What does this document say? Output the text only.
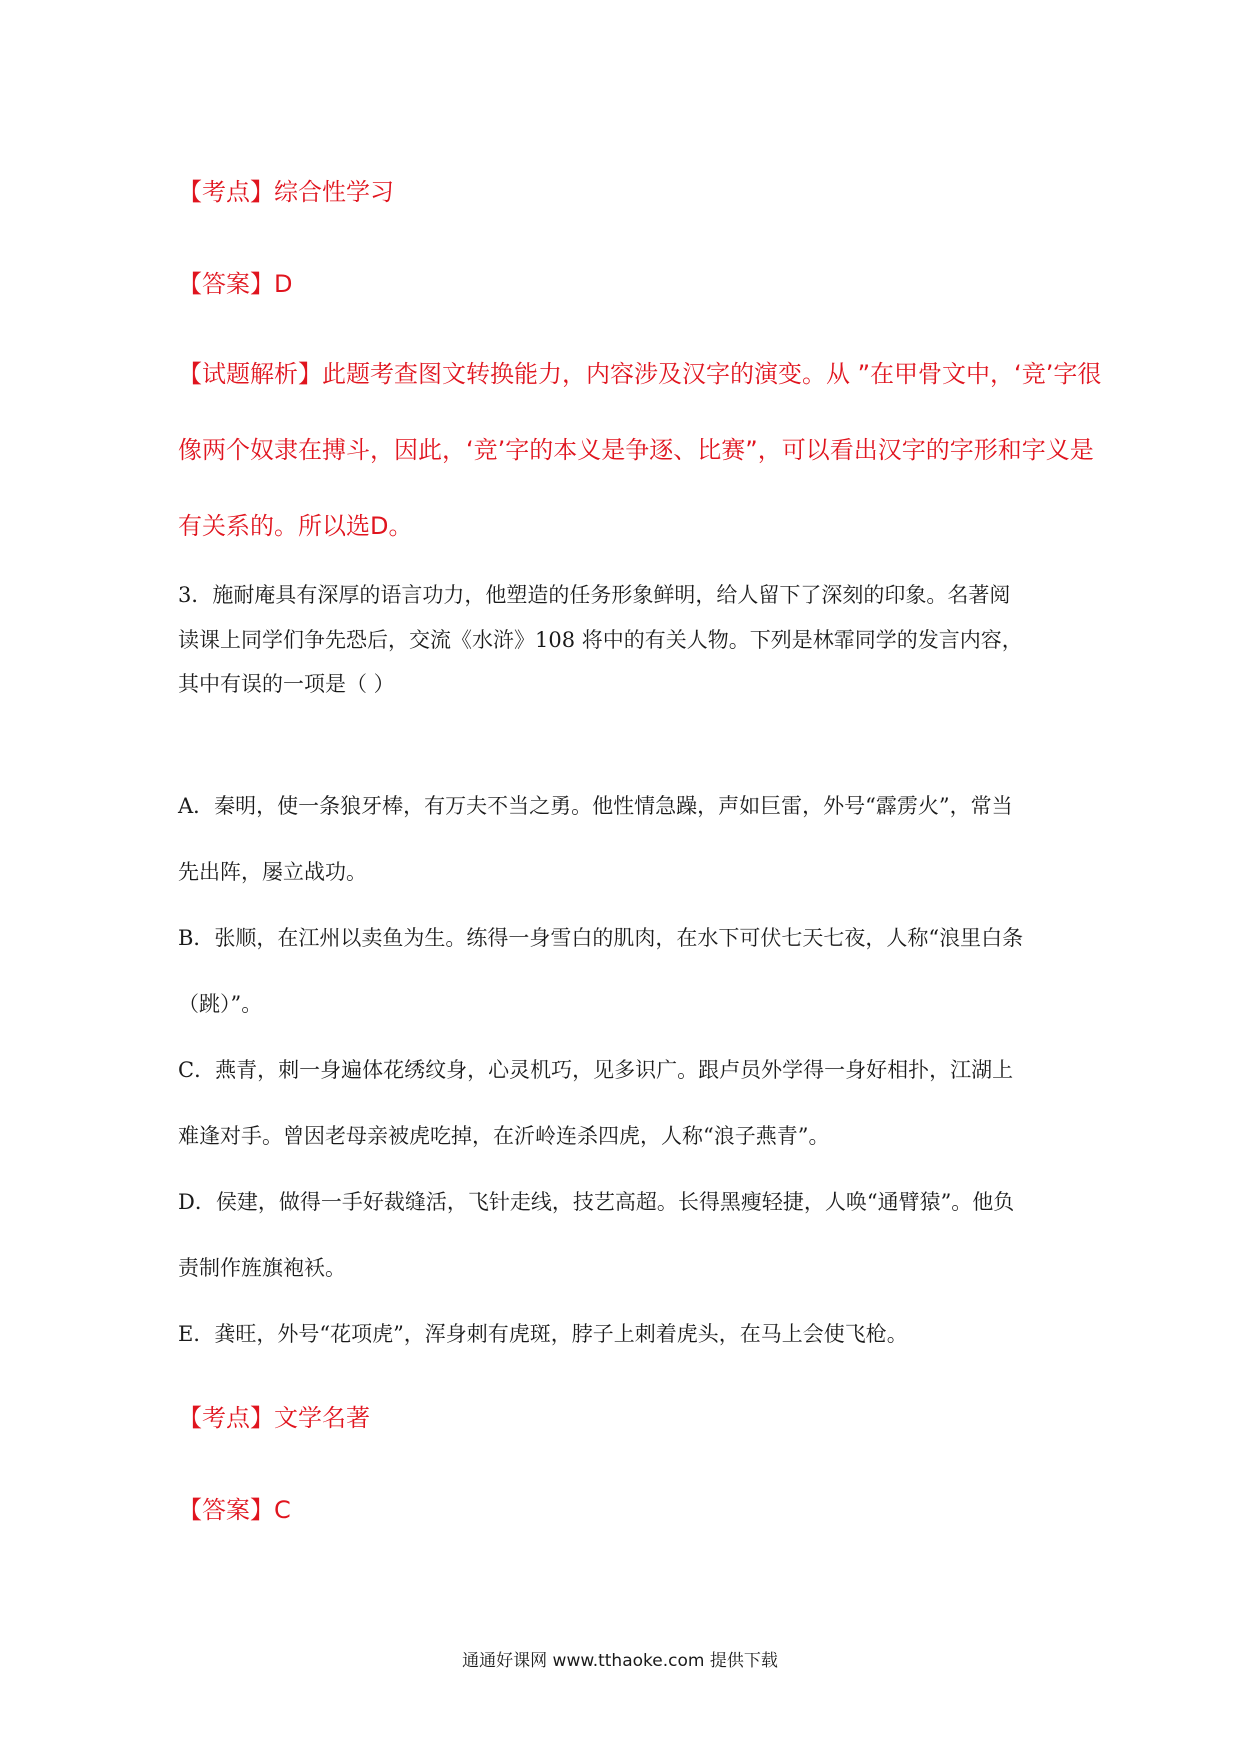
【考点】综合性学习
【答案】D
【试题解析】此题考查图文转换能力，内容涉及汉字的演变。从 ”在甲骨文中，‘竞’字很
像两个奴隶在搏斗，因此，‘竞’字的本义是争逐、比赛”，可以看出汉字的字形和字义是
有关系的。所以选D。
3．施耐庵具有深厚的语言功力，他塑造的任务形象鲜明，给人留下了深刻的印象。名著阅
读课上同学们争先恐后，交流《水浒》108 将中的有关人物。下列是林霏同学的发言内容，
其中有误的一项是（ ）
A．秦明，使一条狼牙棒，有万夫不当之勇。他性情急躁，声如巨雷，外号“霹雳火”，常当
先出阵，屡立战功。
B．张顺，在江州以卖鱼为生。练得一身雪白的肌肉，在水下可伏七天七夜，人称“浪里白条
（跳）”。
C．燕青，刺一身遍体花绣纹身，心灵机巧，见多识广。跟卢员外学得一身好相扑，江湖上
难逢对手。曾因老母亲被虎吃掉，在沂岭连杀四虎，人称“浪子燕青”。
D．侯建，做得一手好裁缝活，飞针走线，技艺高超。长得黑瘦轻捷，人唤“通臂猿”。他负
责制作旌旗袍袄。
E．龚旺，外号“花项虎”，浑身刺有虎斑，脖子上刺着虎头，在马上会使飞枪。
【考点】文学名著
【答案】C
通通好课网 www.tthaoke.com 提供下载
